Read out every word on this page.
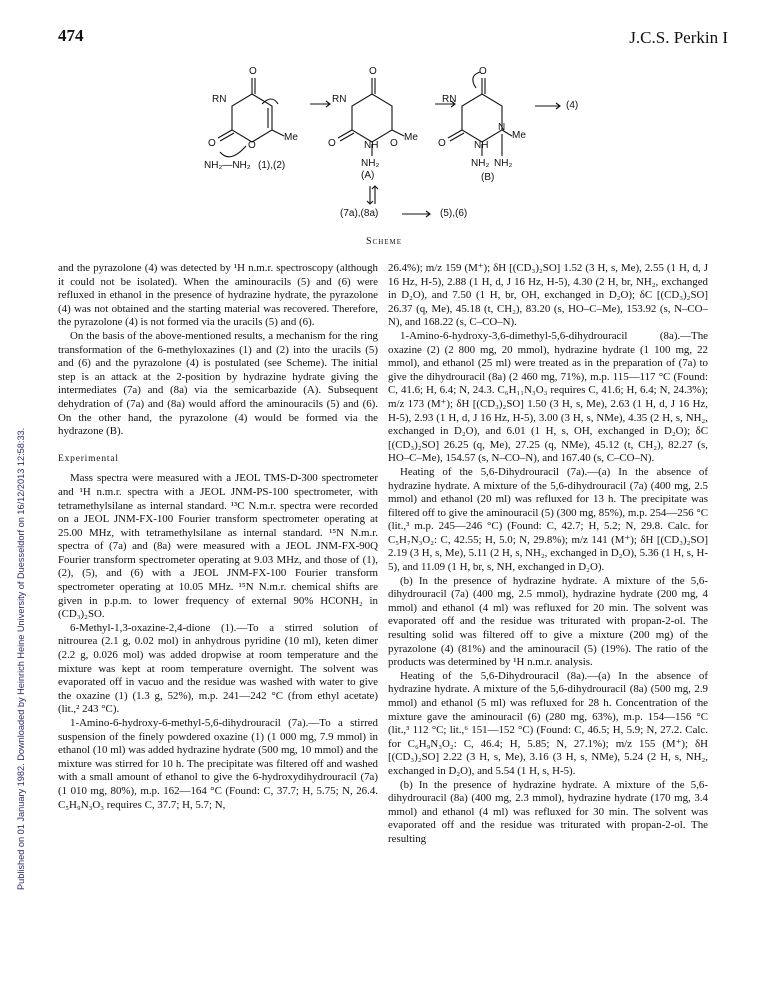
474	J.C.S. Perkin I
Published on 01 January 1982. Downloaded by Heinrich Heine University of Duesseldorf on 16/12/2013 12:58:33.
O
RN
O	O
Me
NH₂—NH₂ (1),(2)
O
RN
O	NH O
Me
NH₂
(A)
O
RN
O	NH
N
Me
NH₂ NH₂
(B)
(4)
(7a),(8a)	(5),(6)
Scheme

and the pyrazolone (4) was detected by ¹H n.m.r. spectroscopy (although it could not be isolated). When the aminouracils (5) and (6) were refluxed in ethanol in the presence of hydrazine hydrate, the pyrazolone (4) was not obtained and the starting material was recovered. Therefore, the pyrazolone (4) is not formed via the uracils (5) and (6).

On the basis of the above-mentioned results, a mechanism for the ring transformation of the 6-methyloxazines (1) and (2) into the uracils (5) and (6) and the pyrazolone (4) is postulated (see Scheme). The initial step is an attack at the 2-position by hydrazine hydrate giving the intermediates (7a) and (8a) via the semicarbazide (A). Subsequent dehydration of (7a) and (8a) would afford the aminouracils (5) and (6). On the other hand, the pyrazolone (4) would be formed via the hydrazone (B).

Experimental

Mass spectra were measured with a JEOL TMS-D-300 spectrometer and ¹H n.m.r. spectra with a JEOL JNM-PS-100 spectrometer, with tetramethylsilane as internal standard. ¹³C N.m.r. spectra were recorded on a JEOL JNM-FX-100 Fourier transform spectrometer operating at 25.00 MHz, with tetramethylsilane as internal standard. ¹⁵N N.m.r. spectra of (7a) and (8a) were measured with a JEOL JNM-FX-90Q Fourier transform spectrometer operating at 9.03 MHz, and those of (1), (2), (5), and (6) with a JEOL JNM-FX-100 Fourier transform spectrometer operating at 10.05 MHz. ¹⁵N N.m.r. chemical shifts are given in p.p.m. to lower frequency of external 90% HCONH₂ in (CD₃)₂SO.

6-Methyl-1,3-oxazine-2,4-dione (1).—To a stirred solution of nitrourea (2.1 g, 0.02 mol) in anhydrous pyridine (10 ml), keten dimer (2.2 g, 0.026 mol) was added dropwise at room temperature and the mixture was kept at room temperature overnight. The solvent was evaporated off in vacuo and the residue was washed with water to give the oxazine (1) (1.3 g, 52%), m.p. 241—242 °C (from ethyl acetate) (lit.,² 243 °C).

1-Amino-6-hydroxy-6-methyl-5,6-dihydrouracil (7a).—To a stirred suspension of the finely powdered oxazine (1) (1 000 mg, 7.9 mmol) in ethanol (10 ml) was added hydrazine hydrate (500 mg, 10 mmol) and the mixture was stirred for 10 h. The precipitate was filtered off and washed with a small amount of ethanol to give the 6-hydroxydihydrouracil (7a) (1 010 mg, 80%), m.p. 162—164 °C (Found: C, 37.7; H, 5.75; N, 26.4. C₅H₉N₃O₃ requires C, 37.7; H, 5.7; N,

26.4%); m/z 159 (M⁺); δH [(CD₃)₂SO] 1.52 (3 H, s, Me), 2.55 (1 H, d, J 16 Hz, H-5), 2.88 (1 H, d, J 16 Hz, H-5), 4.30 (2 H, br, NH₂, exchanged in D₂O), and 7.50 (1 H, br, OH, exchanged in D₂O); δC [(CD₃)₂SO] 26.37 (q, Me), 45.18 (t, CH₂), 83.20 (s, HO–C–Me), 153.92 (s, N–CO–N), and 168.22 (s, C–CO–N).

1-Amino-6-hydroxy-3,6-dimethyl-5,6-dihydrouracil (8a).—The oxazine (2) (2 800 mg, 20 mmol), hydrazine hydrate (1 100 mg, 22 mmol), and ethanol (25 ml) were treated as in the preparation of (7a) to give the dihydrouracil (8a) (2 460 mg, 71%), m.p. 115—117 °C (Found: C, 41.6; H, 6.4; N, 24.3. C₆H₁₁N₃O₃ requires C, 41.6; H, 6.4; N, 24.3%); m/z 173 (M⁺); δH [(CD₃)₂SO] 1.50 (3 H, s, Me), 2.63 (1 H, d, J 16 Hz, H-5), 2.93 (1 H, d, J 16 Hz, H-5), 3.00 (3 H, s, NMe), 4.35 (2 H, s, NH₂, exchanged in D₂O), and 6.01 (1 H, s, OH, exchanged in D₂O); δC [(CD₃)₂SO] 26.25 (q, Me), 27.25 (q, NMe), 45.12 (t, CH₂), 82.27 (s, HO–C–Me), 154.57 (s, N–CO–N), and 167.40 (s, C–CO–N).

Heating of the 5,6-Dihydrouracil (7a).—(a) In the absence of hydrazine hydrate. A mixture of the 5,6-dihydrouracil (7a) (400 mg, 2.5 mmol) and ethanol (20 ml) was refluxed for 13 h. The precipitate was filtered off to give the aminouracil (5) (300 mg, 85%), m.p. 254—256 °C (lit.,³ m.p. 245—246 °C) (Found: C, 42.7; H, 5.2; N, 29.8. Calc. for C₅H₇N₃O₂: C, 42.55; H, 5.0; N, 29.8%); m/z 141 (M⁺); δH [(CD₃)₂SO] 2.19 (3 H, s, Me), 5.11 (2 H, s, NH₂, exchanged in D₂O), 5.36 (1 H, s, H-5), and 11.09 (1 H, br, s, NH, exchanged in D₂O).

(b) In the presence of hydrazine hydrate. A mixture of the 5,6-dihydrouracil (7a) (400 mg, 2.5 mmol), hydrazine hydrate (200 mg, 4 mmol) and ethanol (4 ml) was refluxed for 20 min. The solvent was evaporated off and the residue was triturated with propan-2-ol. The resulting solid was filtered off to give a mixture (200 mg) of the pyrazolone (4) (81%) and the aminouracil (5) (19%). The ratio of the products was determined by ¹H n.m.r. analysis.

Heating of the 5,6-Dihydrouracil (8a).—(a) In the absence of hydrazine hydrate. A mixture of the 5,6-dihydrouracil (8a) (500 mg, 2.9 mmol) and ethanol (5 ml) was refluxed for 28 h. Concentration of the mixture gave the aminouracil (6) (280 mg, 63%), m.p. 154—156 °C (lit.,³ 112 °C; lit.,⁶ 151—152 °C) (Found: C, 46.5; H, 5.9; N, 27.2. Calc. for C₆H₉N₃O₂: C, 46.4; H, 5.85; N, 27.1%); m/z 155 (M⁺); δH [(CD₃)₂SO] 2.22 (3 H, s, Me), 3.16 (3 H, s, NMe), 5.24 (2 H, s, NH₂, exchanged in D₂O), and 5.54 (1 H, s, H-5).

(b) In the presence of hydrazine hydrate. A mixture of the 5,6-dihydrouracil (8a) (400 mg, 2.3 mmol), hydrazine hydrate (170 mg, 3.4 mmol) and ethanol (4 ml) was refluxed for 30 min. The solvent was evaporated off and the residue was triturated with propan-2-ol. The resulting
